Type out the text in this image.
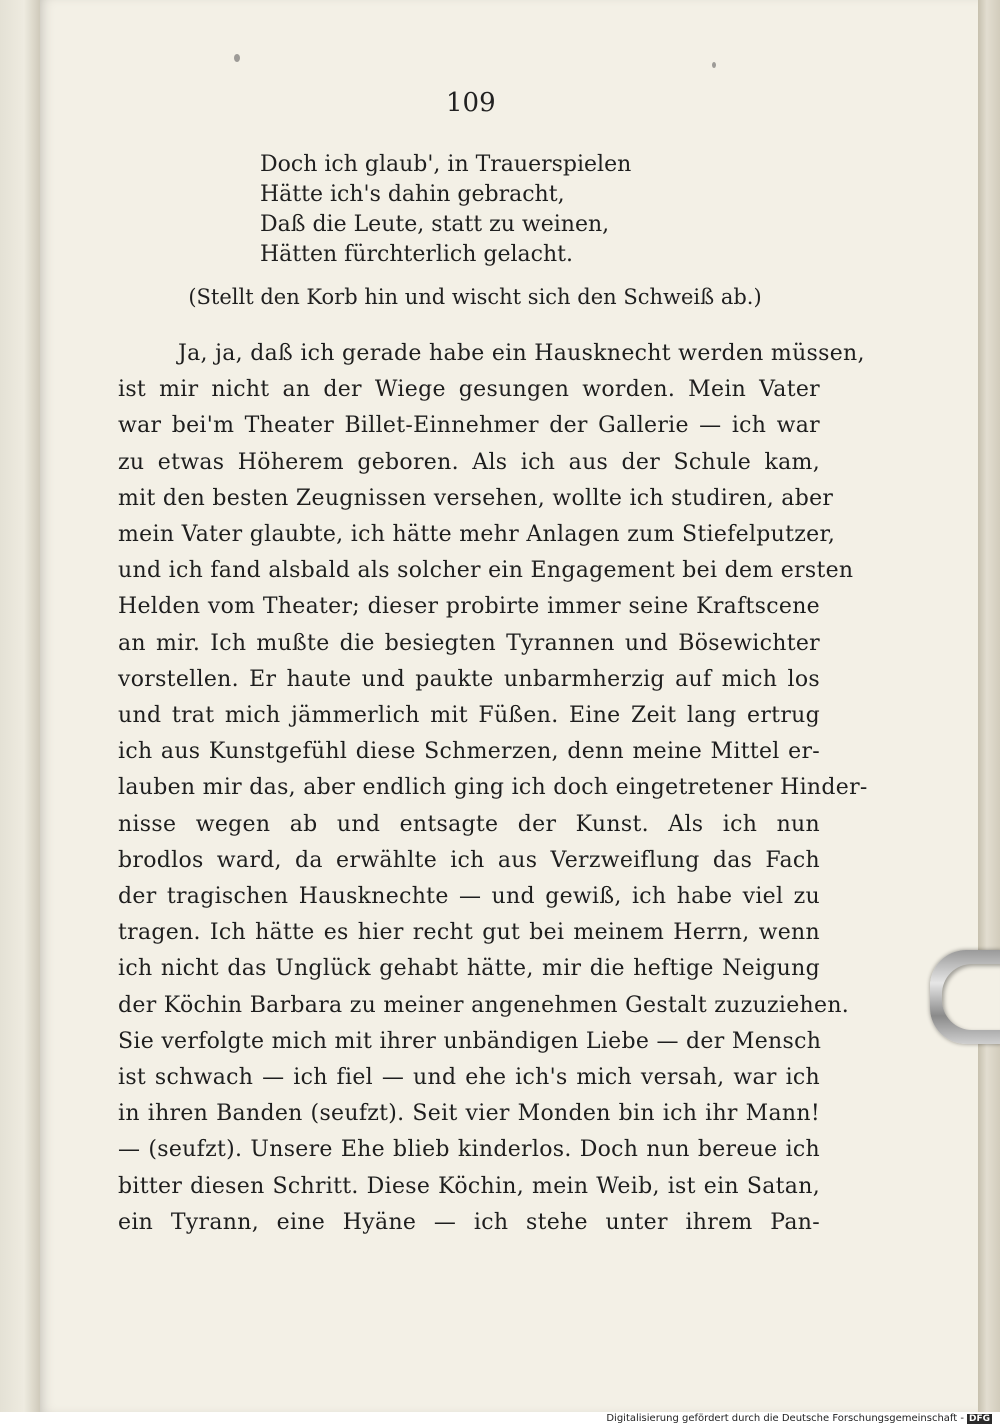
109
Doch ich glaub', in Trauerspielen
Hätte ich's dahin gebracht,
Daß die Leute, statt zu weinen,
Hätten fürchterlich gelacht.
(Stellt den Korb hin und wischt sich den Schweiß ab.)
Ja, ja, daß ich gerade habe ein Hausknecht werden müssen,
ist mir nicht an der Wiege gesungen worden. Mein Vater
war bei'm Theater Billet-Einnehmer der Gallerie — ich war
zu etwas Höherem geboren. Als ich aus der Schule kam,
mit den besten Zeugnissen versehen, wollte ich studiren, aber
mein Vater glaubte, ich hätte mehr Anlagen zum Stiefelputzer,
und ich fand alsbald als solcher ein Engagement bei dem ersten
Helden vom Theater; dieser probirte immer seine Kraftscene
an mir. Ich mußte die besiegten Tyrannen und Bösewichter
vorstellen. Er haute und paukte unbarmherzig auf mich los
und trat mich jämmerlich mit Füßen. Eine Zeit lang ertrug
ich aus Kunstgefühl diese Schmerzen, denn meine Mittel er-
lauben mir das, aber endlich ging ich doch eingetretener Hinder-
nisse wegen ab und entsagte der Kunst. Als ich nun
brodlos ward, da erwählte ich aus Verzweiflung das Fach
der tragischen Hausknechte — und gewiß, ich habe viel zu
tragen. Ich hätte es hier recht gut bei meinem Herrn, wenn
ich nicht das Unglück gehabt hätte, mir die heftige Neigung
der Köchin Barbara zu meiner angenehmen Gestalt zuzuziehen.
Sie verfolgte mich mit ihrer unbändigen Liebe — der Mensch
ist schwach — ich fiel — und ehe ich's mich versah, war ich
in ihren Banden (seufzt). Seit vier Monden bin ich ihr Mann!
— (seufzt). Unsere Ehe blieb kinderlos. Doch nun bereue ich
bitter diesen Schritt. Diese Köchin, mein Weib, ist ein Satan,
ein Tyrann, eine Hyäne — ich stehe unter ihrem Pan-
Digitalisierung gefördert durch die Deutsche Forschungsgemeinschaft - DFG
